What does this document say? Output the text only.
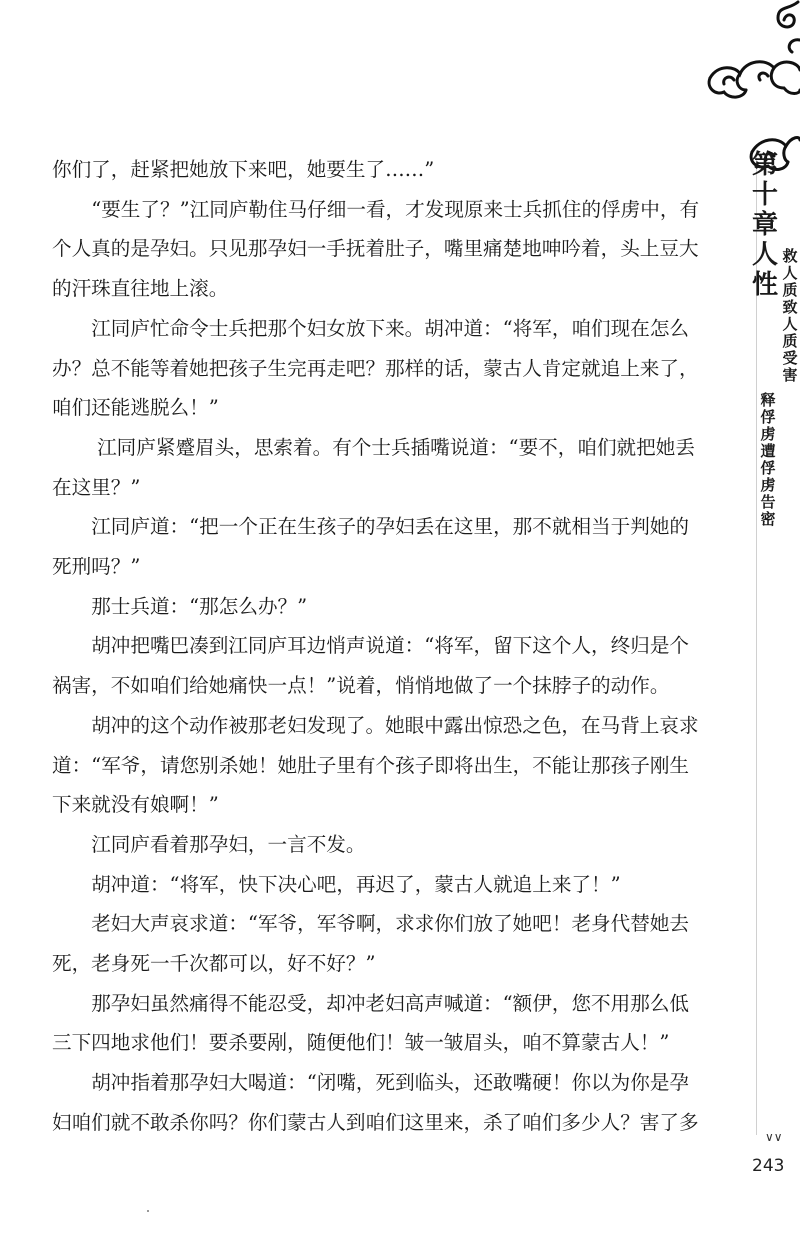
第
十
章
人
性
救
人
质
致
人
质
受
害
释
俘
虏
遭
俘
虏
告
密

你们了，赶紧把她放下来吧，她要生了……”

“要生了？”江同庐勒住马仔细一看，才发现原来士兵抓住的俘虏中，有个人真的是孕妇。只见那孕妇一手抚着肚子，嘴里痛楚地呻吟着，头上豆大的汗珠直往地上滚。

江同庐忙命令士兵把那个妇女放下来。胡冲道：“将军，咱们现在怎么办？总不能等着她把孩子生完再走吧？那样的话，蒙古人肯定就追上来了，咱们还能逃脱么！”

江同庐紧蹙眉头，思索着。有个士兵插嘴说道：“要不，咱们就把她丢在这里？”

江同庐道：“把一个正在生孩子的孕妇丢在这里，那不就相当于判她的死刑吗？”

那士兵道：“那怎么办？”

胡冲把嘴巴凑到江同庐耳边悄声说道：“将军，留下这个人，终归是个祸害，不如咱们给她痛快一点！”说着，悄悄地做了一个抹脖子的动作。

胡冲的这个动作被那老妇发现了。她眼中露出惊恐之色，在马背上哀求道：“军爷，请您别杀她！她肚子里有个孩子即将出生，不能让那孩子刚生下来就没有娘啊！”

江同庐看着那孕妇，一言不发。

胡冲道：“将军，快下决心吧，再迟了，蒙古人就追上来了！”

老妇大声哀求道：“军爷，军爷啊，求求你们放了她吧！老身代替她去死，老身死一千次都可以，好不好？”

那孕妇虽然痛得不能忍受，却冲老妇高声喊道：“额伊，您不用那么低三下四地求他们！要杀要剐，随便他们！皱一皱眉头，咱不算蒙古人！”

胡冲指着那孕妇大喝道：“闭嘴，死到临头，还敢嘴硬！你以为你是孕妇咱们就不敢杀你吗？你们蒙古人到咱们这里来，杀了咱们多少人？害了多

∨∨
243
